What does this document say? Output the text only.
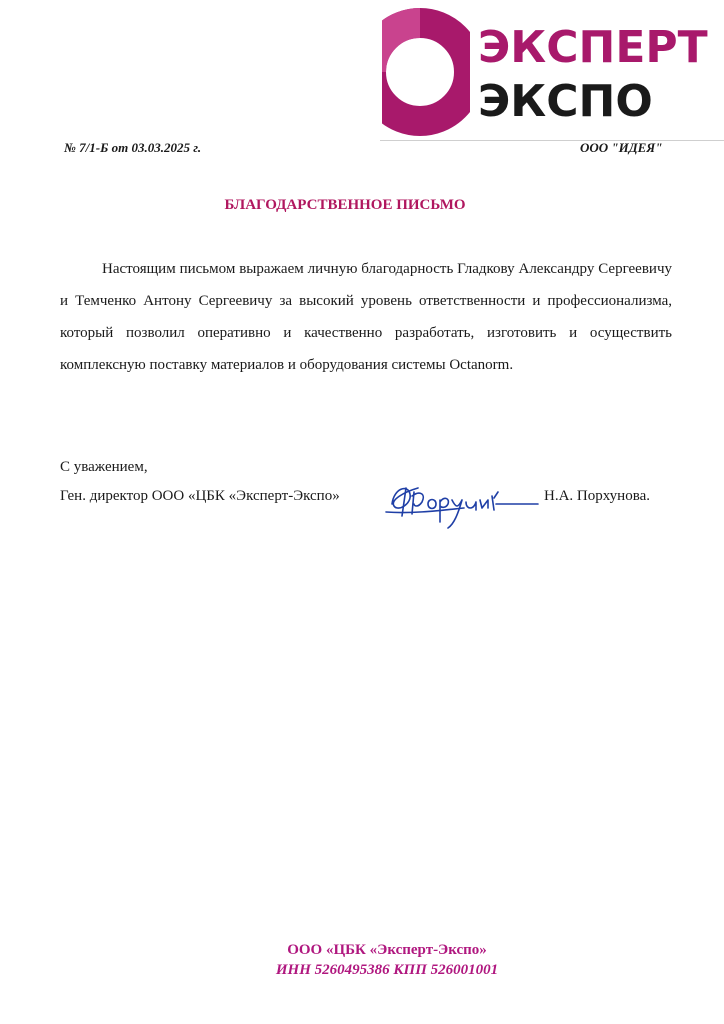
ЭКСПЕРТ
ЭКСПО
№ 7/1-Б от 03.03.2025 г.	ООО "ИДЕЯ"
БЛАГОДАРСТВЕННОЕ ПИСЬМО

Настоящим письмом выражаем личную благодарность Гладкову Александру Сергеевичу и Темченко Антону Сергеевичу за высокий уровень ответственности и профессионализма, который позволил оперативно и качественно разработать, изготовить и осуществить комплексную поставку материалов и оборудования системы Octanorm.

С уважением,
Ген. директор ООО «ЦБК «Эксперт-Экспо»	Н.А. Порхунова.
ООО «ЦБК «Эксперт-Экспо»
ИНН 5260495386 КПП 526001001
